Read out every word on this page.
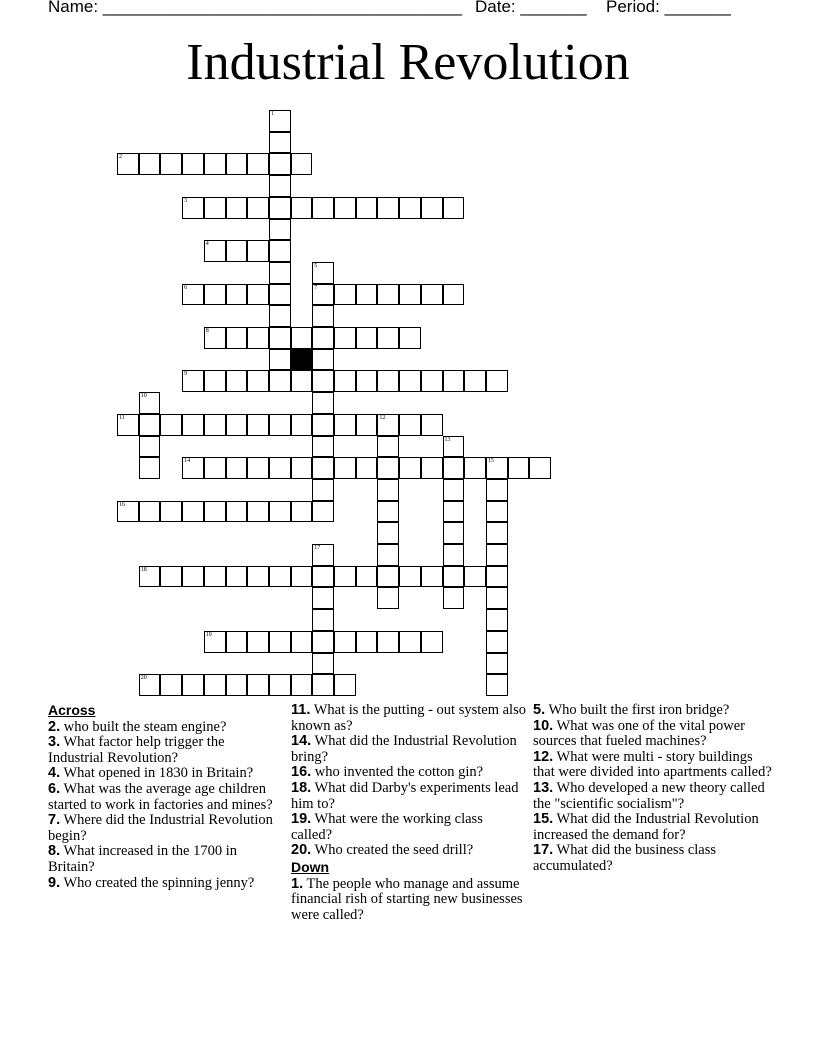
Name: ______________________________________

Date: _______

Period: _______

Industrial Revolution
2
3
4
6	7
8
9
11	12
14	15
16
18
19
20
1
5
10
13
17
Across
2. who built the steam engine?
3. What factor help trigger the Industrial Revolution?
4. What opened in 1830 in Britain?
6. What was the average age children started to work in factories and mines?
7. Where did the Industrial Revolution begin?
8. What increased in the 1700 in Britain?
9. Who created the spinning jenny?
11. What is the putting - out system also known as?
14. What did the Industrial Revolution bring?
16. who invented the cotton gin?
18. What did Darby's experiments lead him to?
19. What were the working class called?
20. Who created the seed drill?
Down
1. The people who manage and assume financial rish of starting new businesses were called?
5. Who built the first iron bridge?
10. What was one of the vital power sources that fueled machines?
12. What were multi - story buildings that were divided into apartments called?
13. Who developed a new theory called the "scientific socialism"?
15. What did the Industrial Revolution increased the demand for?
17. What did the business class accumulated?
